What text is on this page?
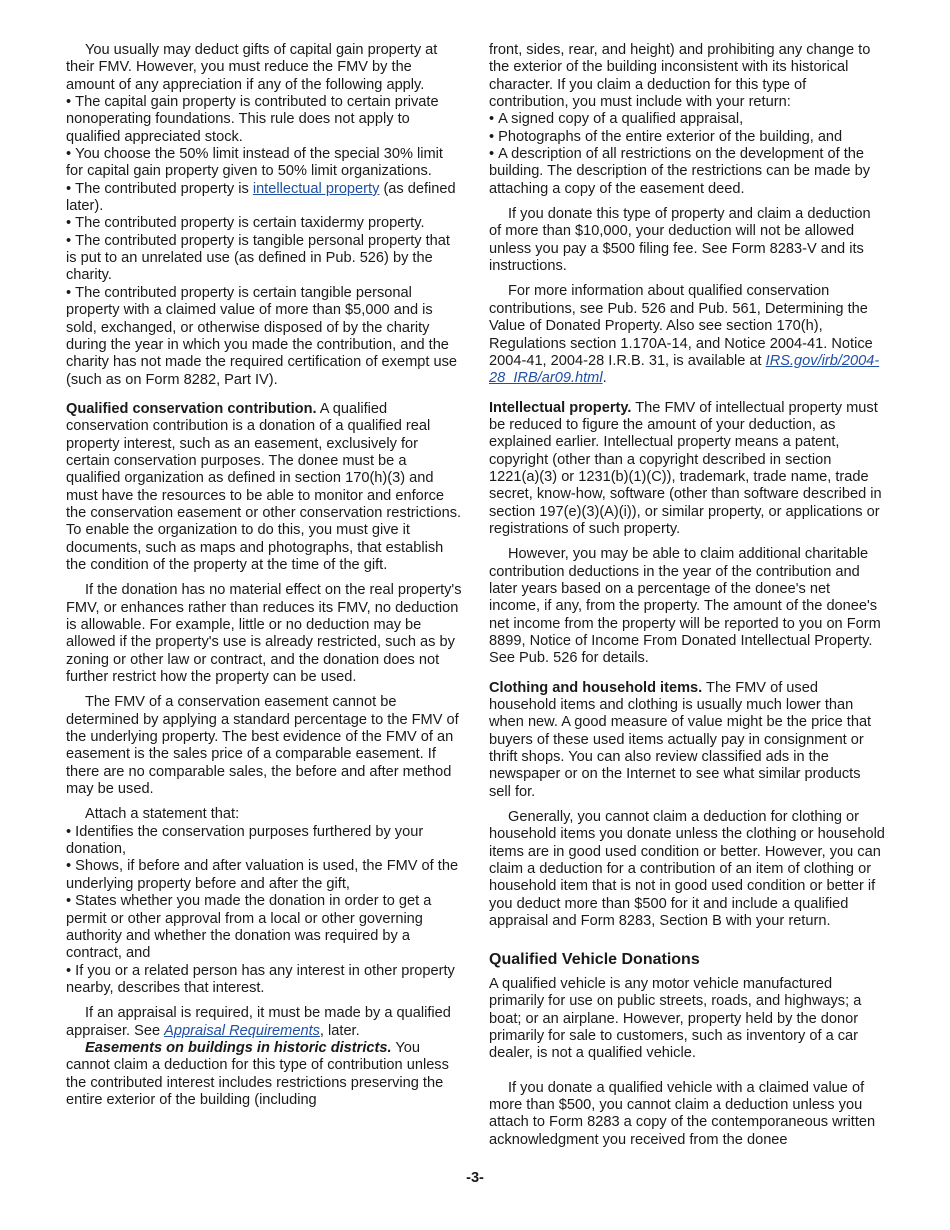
You usually may deduct gifts of capital gain property at their FMV. However, you must reduce the FMV by the amount of any appreciation if any of the following apply.

• The capital gain property is contributed to certain private nonoperating foundations. This rule does not apply to qualified appreciated stock.

• You choose the 50% limit instead of the special 30% limit for capital gain property given to 50% limit organizations.

• The contributed property is intellectual property (as defined later).

• The contributed property is certain taxidermy property.

• The contributed property is tangible personal property that is put to an unrelated use (as defined in Pub. 526) by the charity.

• The contributed property is certain tangible personal property with a claimed value of more than $5,000 and is sold, exchanged, or otherwise disposed of by the charity during the year in which you made the contribution, and the charity has not made the required certification of exempt use (such as on Form 8282, Part IV).

Qualified conservation contribution. A qualified conservation contribution is a donation of a qualified real property interest, such as an easement, exclusively for certain conservation purposes. The donee must be a qualified organization as defined in section 170(h)(3) and must have the resources to be able to monitor and enforce the conservation easement or other conservation restrictions. To enable the organization to do this, you must give it documents, such as maps and photographs, that establish the condition of the property at the time of the gift.

If the donation has no material effect on the real property's FMV, or enhances rather than reduces its FMV, no deduction is allowable. For example, little or no deduction may be allowed if the property's use is already restricted, such as by zoning or other law or contract, and the donation does not further restrict how the property can be used.

The FMV of a conservation easement cannot be determined by applying a standard percentage to the FMV of the underlying property. The best evidence of the FMV of an easement is the sales price of a comparable easement. If there are no comparable sales, the before and after method may be used.

Attach a statement that:

• Identifies the conservation purposes furthered by your donation,

• Shows, if before and after valuation is used, the FMV of the underlying property before and after the gift,

• States whether you made the donation in order to get a permit or other approval from a local or other governing authority and whether the donation was required by a contract, and

• If you or a related person has any interest in other property nearby, describes that interest.

If an appraisal is required, it must be made by a qualified appraiser. See Appraisal Requirements, later.

Easements on buildings in historic districts. You cannot claim a deduction for this type of contribution unless the contributed interest includes restrictions preserving the entire exterior of the building (including

front, sides, rear, and height) and prohibiting any change to the exterior of the building inconsistent with its historical character. If you claim a deduction for this type of contribution, you must include with your return:

• A signed copy of a qualified appraisal,

• Photographs of the entire exterior of the building, and

• A description of all restrictions on the development of the building. The description of the restrictions can be made by attaching a copy of the easement deed.

If you donate this type of property and claim a deduction of more than $10,000, your deduction will not be allowed unless you pay a $500 filing fee. See Form 8283-V and its instructions.

For more information about qualified conservation contributions, see Pub. 526 and Pub. 561, Determining the Value of Donated Property. Also see section 170(h), Regulations section 1.170A-14, and Notice 2004-41. Notice 2004-41, 2004-28 I.R.B. 31, is available at IRS.gov/irb/2004-28_IRB/ar09.html.

Intellectual property. The FMV of intellectual property must be reduced to figure the amount of your deduction, as explained earlier. Intellectual property means a patent, copyright (other than a copyright described in section 1221(a)(3) or 1231(b)(1)(C)), trademark, trade name, trade secret, know-how, software (other than software described in section 197(e)(3)(A)(i)), or similar property, or applications or registrations of such property.

However, you may be able to claim additional charitable contribution deductions in the year of the contribution and later years based on a percentage of the donee's net income, if any, from the property. The amount of the donee's net income from the property will be reported to you on Form 8899, Notice of Income From Donated Intellectual Property. See Pub. 526 for details.

Clothing and household items. The FMV of used household items and clothing is usually much lower than when new. A good measure of value might be the price that buyers of these used items actually pay in consignment or thrift shops. You can also review classified ads in the newspaper or on the Internet to see what similar products sell for.

Generally, you cannot claim a deduction for clothing or household items you donate unless the clothing or household items are in good used condition or better. However, you can claim a deduction for a contribution of an item of clothing or household item that is not in good used condition or better if you deduct more than $500 for it and include a qualified appraisal and Form 8283, Section B with your return.

Qualified Vehicle Donations

A qualified vehicle is any motor vehicle manufactured primarily for use on public streets, roads, and highways; a boat; or an airplane. However, property held by the donor primarily for sale to customers, such as inventory of a car dealer, is not a qualified vehicle.

If you donate a qualified vehicle with a claimed value of more than $500, you cannot claim a deduction unless you attach to Form 8283 a copy of the contemporaneous written acknowledgment you received from the donee

-3-
